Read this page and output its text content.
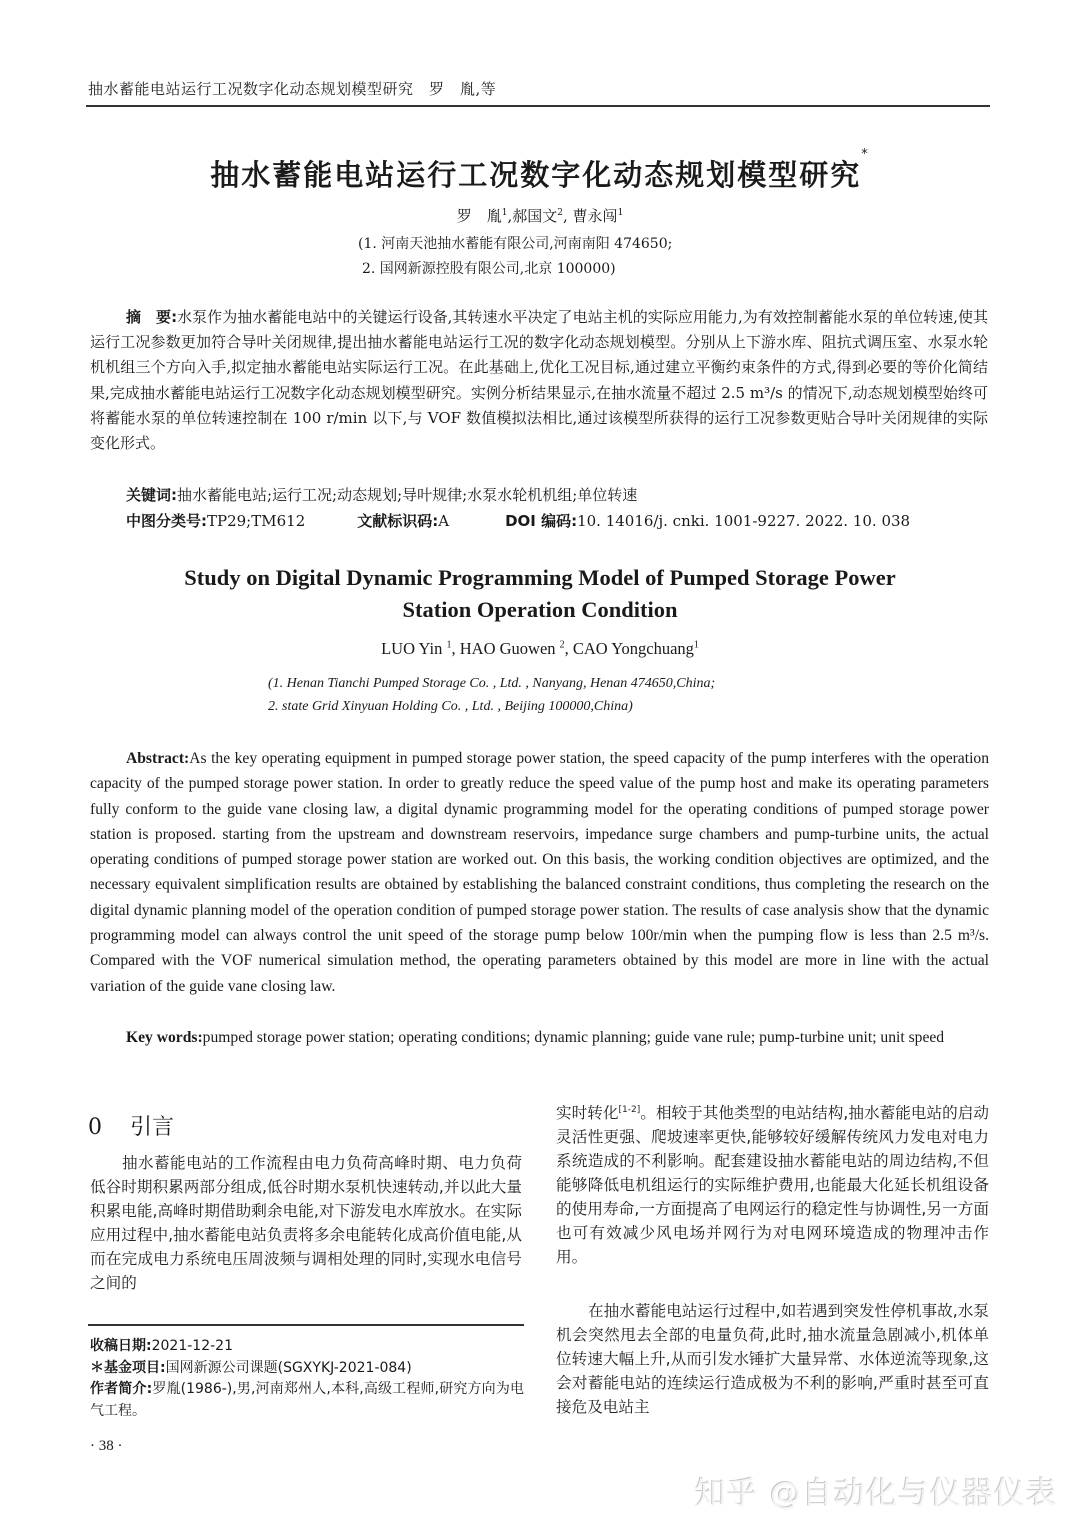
抽水蓄能电站运行工况数字化动态规划模型研究　罗　胤,等
抽水蓄能电站运行工况数字化动态规划模型研究*
罗　胤$^1$,郝国文$^2$, 曹永闯$^1$
(1. 河南天池抽水蓄能有限公司,河南南阳 474650;
2. 国网新源控股有限公司,北京 100000)
摘　要:水泵作为抽水蓄能电站中的关键运行设备,其转速水平决定了电站主机的实际应用能力,为有效控制蓄能水泵的单位转速,使其运行工况参数更加符合导叶关闭规律,提出抽水蓄能电站运行工况的数字化动态规划模型。分别从上下游水库、阻抗式调压室、水泵水轮机机组三个方向入手,拟定抽水蓄能电站实际运行工况。在此基础上,优化工况目标,通过建立平衡约束条件的方式,得到必要的等价化简结果,完成抽水蓄能电站运行工况数字化动态规划模型研究。实例分析结果显示,在抽水流量不超过 2.5 m³/s 的情况下,动态规划模型始终可将蓄能水泵的单位转速控制在 100 r/min 以下,与 VOF 数值模拟法相比,通过该模型所获得的运行工况参数更贴合导叶关闭规律的实际变化形式。
关键词:抽水蓄能电站;运行工况;动态规划;导叶规律;水泵水轮机机组;单位转速
中图分类号:TP29;TM612	文献标识码:A	DOI 编码:10. 14016/j. cnki. 1001-9227. 2022. 10. 038
Study on Digital Dynamic Programming Model of Pumped Storage Power
Station Operation Condition
LUO Yin $^1$, HAO Guowen $^2$, CAO Yongchuang$^1$
(1. Henan Tianchi Pumped Storage Co. , Ltd. , Nanyang, Henan 474650,China;
2. state Grid Xinyuan Holding Co. , Ltd. , Beijing 100000,China)
Abstract:As the key operating equipment in pumped storage power station, the speed capacity of the pump interferes with the operation capacity of the pumped storage power station. In order to greatly reduce the speed value of the pump host and make its operating parameters fully conform to the guide vane closing law, a digital dynamic programming model for the operating conditions of pumped storage power station is proposed. starting from the upstream and downstream reservoirs, impedance surge chambers and pump-turbine units, the actual operating conditions of pumped storage power station are worked out. On this basis, the working condition objectives are optimized, and the necessary equivalent simplification results are obtained by establishing the balanced constraint conditions, thus completing the research on the digital dynamic planning model of the operation condition of pumped storage power station. The results of case analysis show that the dynamic programming model can always control the unit speed of the storage pump below 100r/min when the pumping flow is less than 2.5 m³/s. Compared with the VOF numerical simulation method, the operating parameters obtained by this model are more in line with the actual variation of the guide vane closing law.
Key words:pumped storage power station; operating conditions; dynamic planning; guide vane rule; pump-turbine unit; unit speed
0 引言
抽水蓄能电站的工作流程由电力负荷高峰时期、电力负荷低谷时期积累两部分组成,低谷时期水泵机快速转动,并以此大量积累电能,高峰时期借助剩余电能,对下游发电水库放水。在实际应用过程中,抽水蓄能电站负责将多余电能转化成高价值电能,从而在完成电力系统电压周波频与调相处理的同时,实现水电信号之间的
实时转化[1-2]。相较于其他类型的电站结构,抽水蓄能电站的启动灵活性更强、爬坡速率更快,能够较好缓解传统风力发电对电力系统造成的不利影响。配套建设抽水蓄能电站的周边结构,不但能够降低电机组运行的实际维护费用,也能最大化延长机组设备的使用寿命,一方面提高了电网运行的稳定性与协调性,另一方面也可有效减少风电场并网行为对电网环境造成的物理冲击作用。
在抽水蓄能电站运行过程中,如若遇到突发性停机事故,水泵机会突然甩去全部的电量负荷,此时,抽水流量急剧减小,机体单位转速大幅上升,从而引发水锤扩大量异常、水体逆流等现象,这会对蓄能电站的连续运行造成极为不利的影响,严重时甚至可直接危及电站主
收稿日期:2021-12-21
＊基金项目:国网新源公司课题(SGXYKJ-2021-084)
作者简介:罗胤(1986-),男,河南郑州人,本科,高级工程师,研究方向为电气工程。
· 38 ·
知乎 @自动化与仪器仪表
